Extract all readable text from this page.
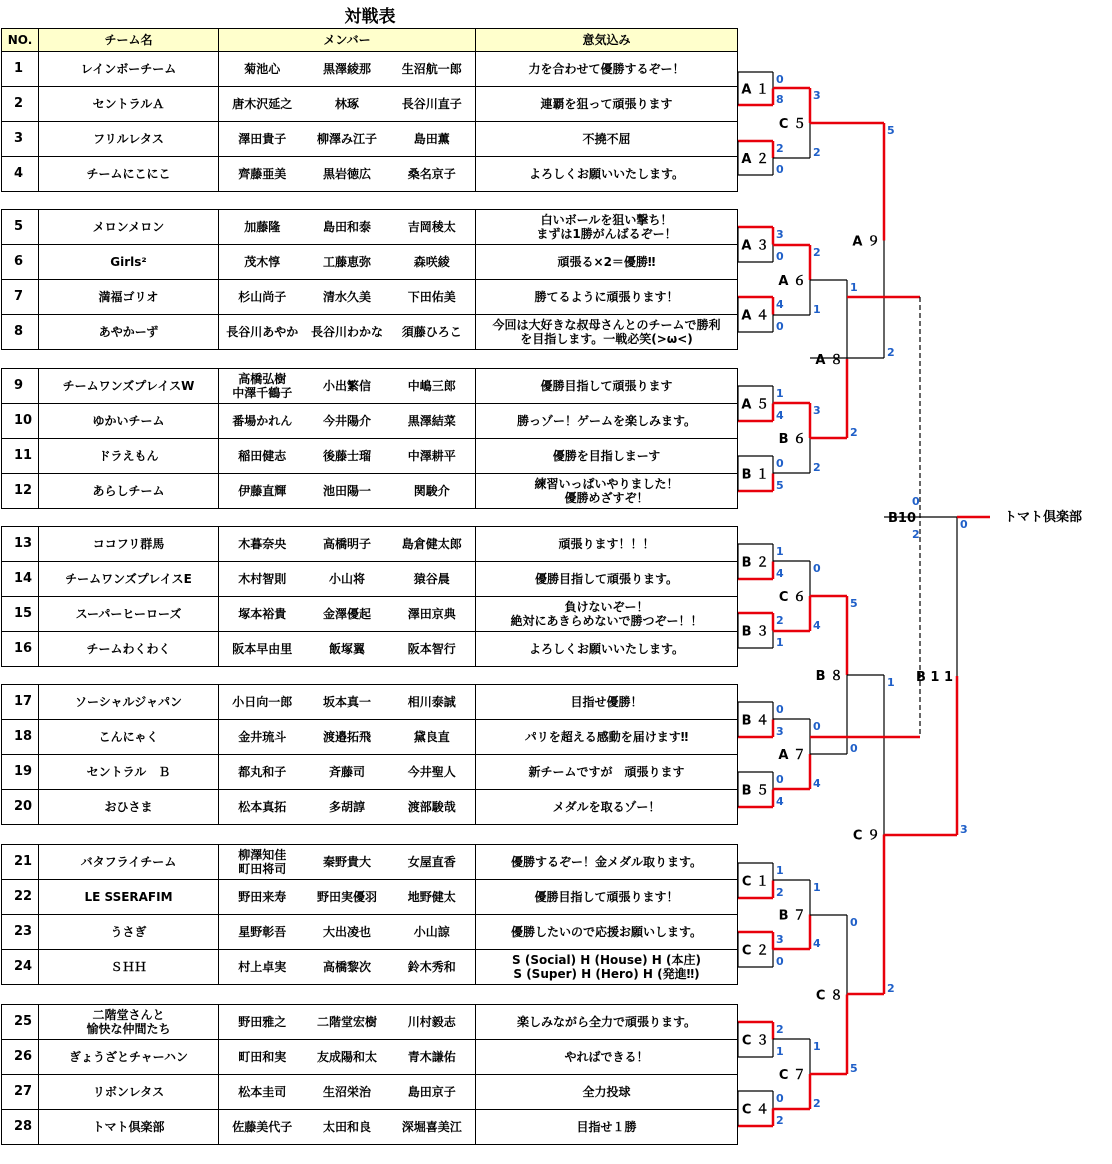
対戦表
NO.	チーム名	メンバー			意気込み

1	レインボーチーム	菊池心	黒澤綾那	生沼航一郎	力を合わせて優勝するぞー！

2	セントラルＡ	唐木沢延之	林琢	長谷川直子	連覇を狙って頑張ります

3	フリルレタス	澤田貴子	柳澤み江子	島田薫	不撓不屈

4	チームにこにこ	齊藤亜美	黒岩徳広	桑名京子	よろしくお願いいたします。
5	メロンメロン	加藤隆	島田和泰	吉岡稜太	白いボールを狙い撃ち！
まずは1勝がんばるぞー！

6	Girls²	茂木惇	工藤恵弥	森咲綾	頑張る×2＝優勝‼

7	満福ゴリオ	杉山尚子	清水久美	下田佑美	勝てるように頑張ります！

8	あやかーず	長谷川あやか	長谷川わかな	須藤ひろこ	今回は大好きな叔母さんとのチームで勝利
を目指します。一戦必笑(>ω<)
9	チームワンズプレイスW	高橋弘樹
中澤千鶴子	小出繁信	中嶋三郎	優勝目指して頑張ります

10	ゆかいチーム	番場かれん	今井陽介	黒澤結菜	勝っゾー！ゲームを楽しみます。

11	ドラえもん	稲田健志	後藤士瑠	中澤耕平	優勝を目指しまーす

12	あらしチーム	伊藤直輝	池田陽一	関駿介	練習いっぱいやりました！
優勝めざすぞ！
13	ココフリ群馬	木暮奈央	高橋明子	島倉健太郎	頑張ります！！！

14	チームワンズプレイスE	木村智則	小山将	猿谷晨	優勝目指して頑張ります。

15	スーパーヒーローズ	塚本裕貴	金澤優起	澤田京典	負けないぞー！
絶対にあきらめないで勝つぞー！！

16	チームわくわく	阪本早由里	飯塚翼	阪本智行	よろしくお願いいたします。
17	ソーシャルジャパン	小日向一郎	坂本真一	相川泰誠	目指せ優勝！

18	こんにゃく	金井琉斗	渡邉拓飛	黛良直	パリを超える感動を届けます‼

19	セントラル　Ｂ	都丸和子	斉藤司	今井聖人	新チームですが　頑張ります

20	おひさま	松本真拓	多胡諄	渡部駿哉	メダルを取るゾー！
21	バタフライチーム	柳澤知佳
町田将司	秦野貴大	女屋直香	優勝するぞー！金メダル取ります。

22	LE SSERAFIM	野田来寿	野田実優羽	地野健太	優勝目指して頑張ります！

23	うさぎ	星野彰吾	大出凌也	小山諒	優勝したいので応援お願いします。

24	ＳＨＨ	村上卓実	高橋黎次	鈴木秀和	S (Social) H (House) H (本庄)
S (Super) H (Hero) H (発進‼)
25	二階堂さんと
愉快な仲間たち	野田雅之	二階堂宏樹	川村毅志	楽しみながら全力で頑張ります。

26	ぎょうざとチャーハン	町田和実	友成陽和太	青木謙佑	やればできる！

27	リボンレタス	松本圭司	生沼栄治	島田京子	全力投球

28	トマト倶楽部	佐藤美代子	太田和良	深堀喜美江	目指せ１勝
A １
0
8
A ２
2
0
C ５
3
2
A ３
3
0
A ４
4
0
A ６
2
1
A ５
1
4
B １
0
5
B ６
3
2
A ８
1
2
A ９
5
2
B ２
1
4
B ３
2
1
C ６
0
4
B ４
0
3
B ５
0
4
A ７
0
4
B ８
5
0
C １
1
2
C ２
3
0
B ７
1
4
C ３
2
1
C ４
0
2
C ７
1
2
C ８
0
5
C ９
1
2
B 1 1
0
3
B10
0
2
トマト倶楽部
